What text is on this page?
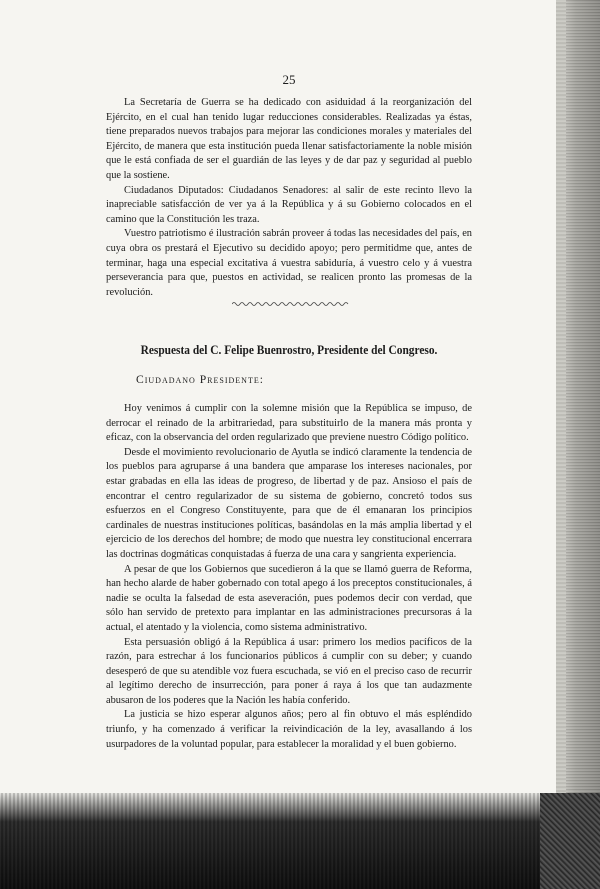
25

La Secretaría de Guerra se ha dedicado con asiduidad á la reorganización del Ejército, en el cual han tenido lugar reducciones considerables. Realizadas ya éstas, tiene preparados nuevos trabajos para mejorar las condiciones morales y materiales del Ejército, de manera que esta institución pueda llenar satisfactoriamente la noble misión que le está confiada de ser el guardián de las leyes y de dar paz y seguridad al pueblo que la sostiene.

Ciudadanos Diputados: Ciudadanos Senadores: al salir de este recinto llevo la inapreciable satisfacción de ver ya á la República y á su Gobierno colocados en el camino que la Constitución les traza.

Vuestro patriotismo é ilustración sabrán proveer á todas las necesidades del país, en cuya obra os prestará el Ejecutivo su decidido apoyo; pero permitidme que, antes de terminar, haga una especial excitativa á vuestra sabiduría, á vuestro celo y á vuestra perseverancia para que, puestos en actividad, se realicen pronto las promesas de la revolución.

Respuesta del C. Felipe Buenrostro, Presidente del Congreso.
Ciudadano Presidente:

Hoy venimos á cumplir con la solemne misión que la República se impuso, de derrocar el reinado de la arbitrariedad, para substituirlo de la manera más pronta y eficaz, con la observancia del orden regularizado que previene nuestro Código político.

Desde el movimiento revolucionario de Ayutla se indicó claramente la tendencia de los pueblos para agruparse á una bandera que amparase los intereses nacionales, por estar grabadas en ella las ideas de progreso, de libertad y de paz. Ansioso el país de encontrar el centro regularizador de su sistema de gobierno, concretó todos sus esfuerzos en el Congreso Constituyente, para que de él emanaran los principios cardinales de nuestras instituciones políticas, basándolas en la más amplia libertad y el ejercicio de los derechos del hombre; de modo que nuestra ley constitucional encerrara las doctrinas dogmáticas conquistadas á fuerza de una cara y sangrienta experiencia.

A pesar de que los Gobiernos que sucedieron á la que se llamó guerra de Reforma, han hecho alarde de haber gobernado con total apego á los preceptos constitucionales, á nadie se oculta la falsedad de esta aseveración, pues podemos decir con verdad, que sólo han servido de pretexto para implantar en las administraciones precursoras á la actual, el atentado y la violencia, como sistema administrativo.

Esta persuasión obligó á la República á usar: primero los medios pacíficos de la razón, para estrechar á los funcionarios públicos á cumplir con su deber; y cuando desesperó de que su atendible voz fuera escuchada, se vió en el preciso caso de recurrir al legítimo derecho de insurrección, para poner á raya á los que tan audazmente abusaron de los poderes que la Nación les había conferido.

La justicia se hizo esperar algunos años; pero al fin obtuvo el más espléndido triunfo, y ha comenzado á verificar la reivindicación de la ley, avasallando á los usurpadores de la voluntad popular, para establecer la moralidad y el buen gobierno.
